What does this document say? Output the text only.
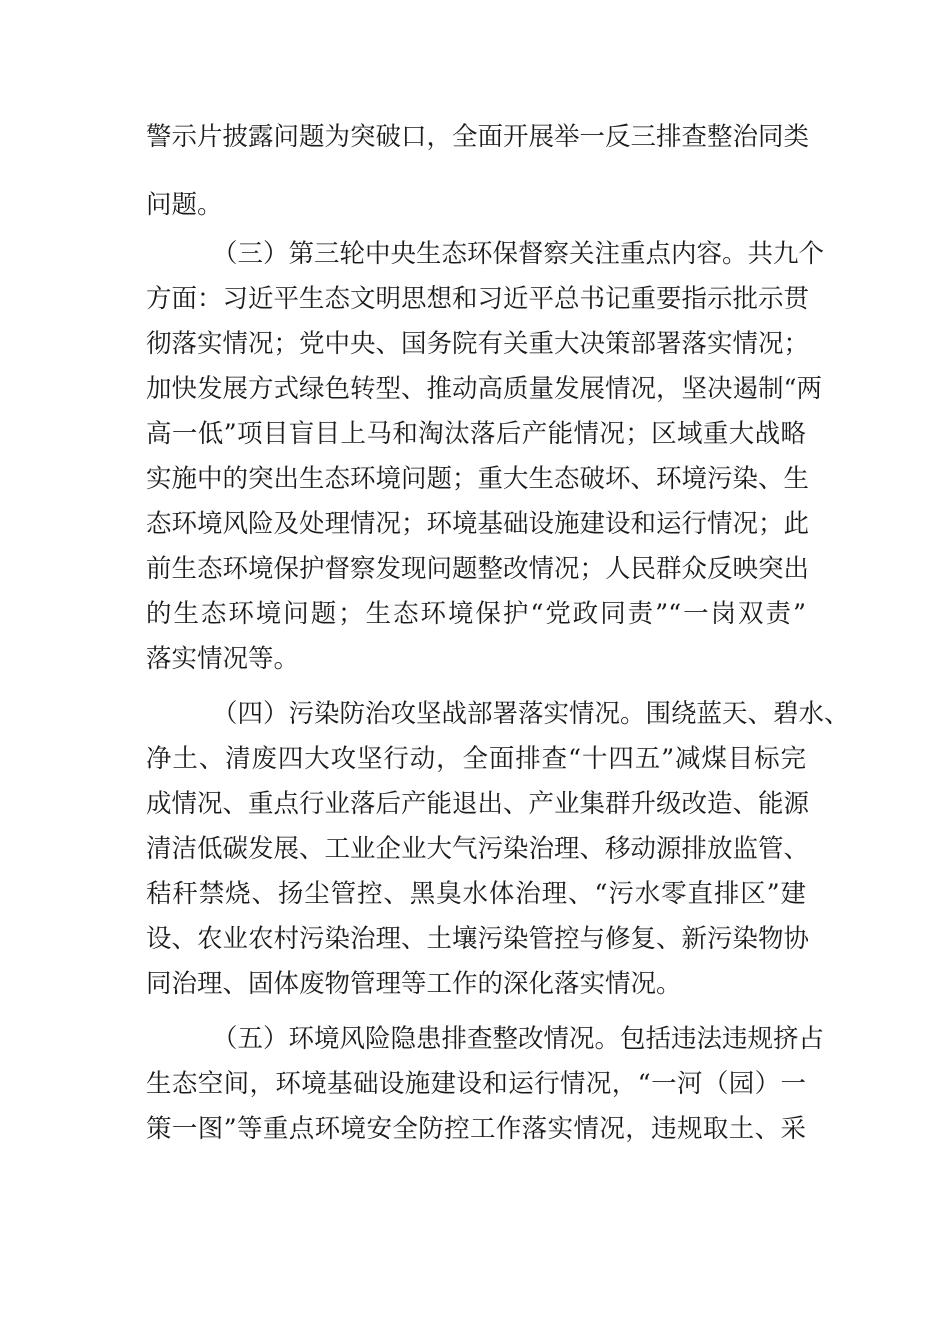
警示片披露问题为突破口，全面开展举一反三排查整治同类
问题。
（三）第三轮中央生态环保督察关注重点内容。共九个
方面：习近平生态文明思想和习近平总书记重要指示批示贯
彻落实情况；党中央、国务院有关重大决策部署落实情况；
加快发展方式绿色转型、推动高质量发展情况，坚决遏制“两
高一低”项目盲目上马和淘汰落后产能情况；区域重大战略
实施中的突出生态环境问题；重大生态破坏、环境污染、生
态环境风险及处理情况；环境基础设施建设和运行情况；此
前生态环境保护督察发现问题整改情况；人民群众反映突出
的生态环境问题；生态环境保护“党政同责”“一岗双责”
落实情况等。
（四）污染防治攻坚战部署落实情况。围绕蓝天、碧水、
净土、清废四大攻坚行动，全面排查“十四五”减煤目标完
成情况、重点行业落后产能退出、产业集群升级改造、能源
清洁低碳发展、工业企业大气污染治理、移动源排放监管、
秸秆禁烧、扬尘管控、黑臭水体治理、“污水零直排区”建
设、农业农村污染治理、土壤污染管控与修复、新污染物协
同治理、固体废物管理等工作的深化落实情况。
（五）环境风险隐患排查整改情况。包括违法违规挤占
生态空间，环境基础设施建设和运行情况，“一河（园）一
策一图”等重点环境安全防控工作落实情况，违规取土、采
